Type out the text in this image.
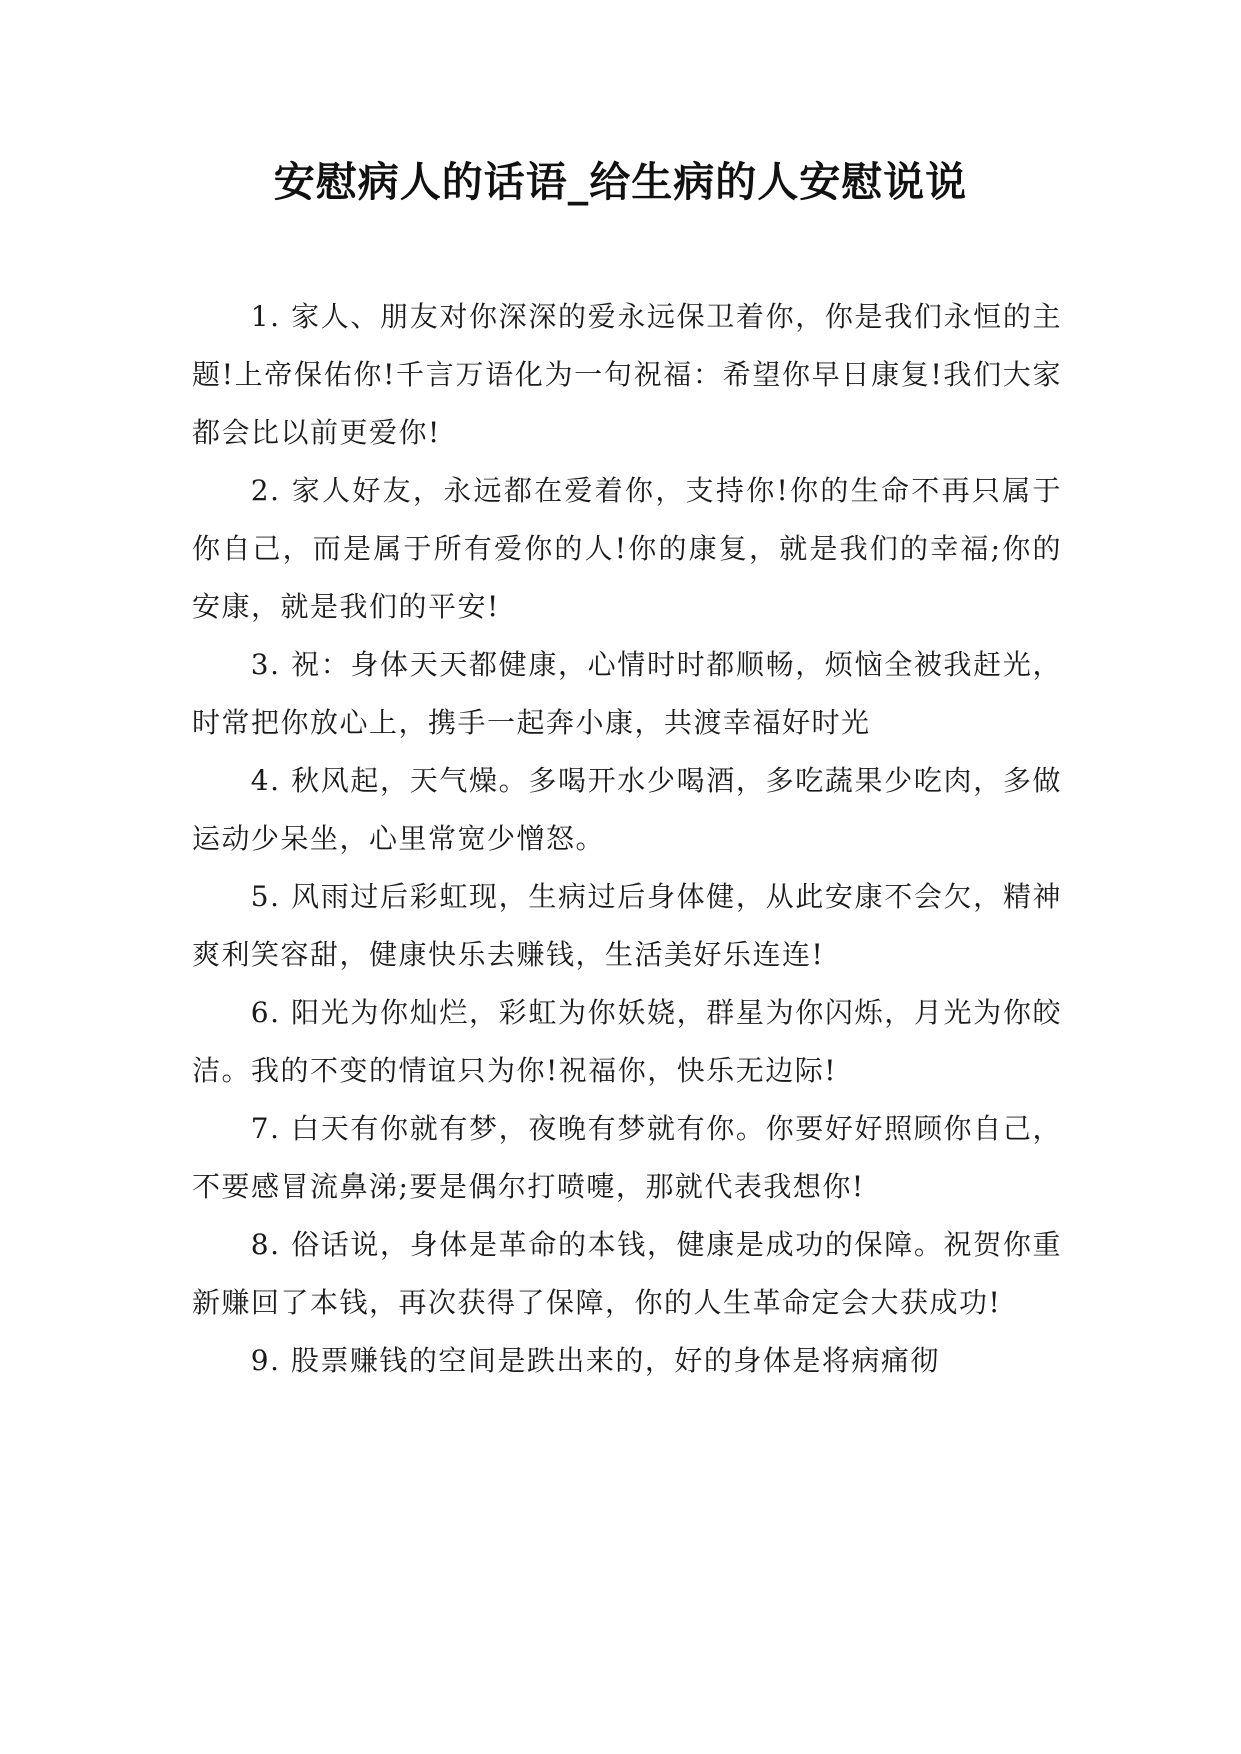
安慰病人的话语_给生病的人安慰说说

1. 家人、朋友对你深深的爱永远保卫着你，你是我们永恒的主题!上帝保佑你!千言万语化为一句祝福：希望你早日康复!我们大家都会比以前更爱你!

2. 家人好友，永远都在爱着你，支持你!你的生命不再只属于你自己，而是属于所有爱你的人!你的康复，就是我们的幸福;你的安康，就是我们的平安!

3. 祝：身体天天都健康，心情时时都顺畅，烦恼全被我赶光，时常把你放心上，携手一起奔小康，共渡幸福好时光

4. 秋风起，天气燥。多喝开水少喝酒，多吃蔬果少吃肉，多做运动少呆坐，心里常宽少憎怒。

5. 风雨过后彩虹现，生病过后身体健，从此安康不会欠，精神爽利笑容甜，健康快乐去赚钱，生活美好乐连连!

6. 阳光为你灿烂，彩虹为你妖娆，群星为你闪烁，月光为你皎洁。我的不变的情谊只为你!祝福你，快乐无边际!

7. 白天有你就有梦，夜晚有梦就有你。你要好好照顾你自己，不要感冒流鼻涕;要是偶尔打喷嚏，那就代表我想你!

8. 俗话说，身体是革命的本钱，健康是成功的保障。祝贺你重新赚回了本钱，再次获得了保障，你的人生革命定会大获成功!

9. 股票赚钱的空间是跌出来的，好的身体是将病痛彻
